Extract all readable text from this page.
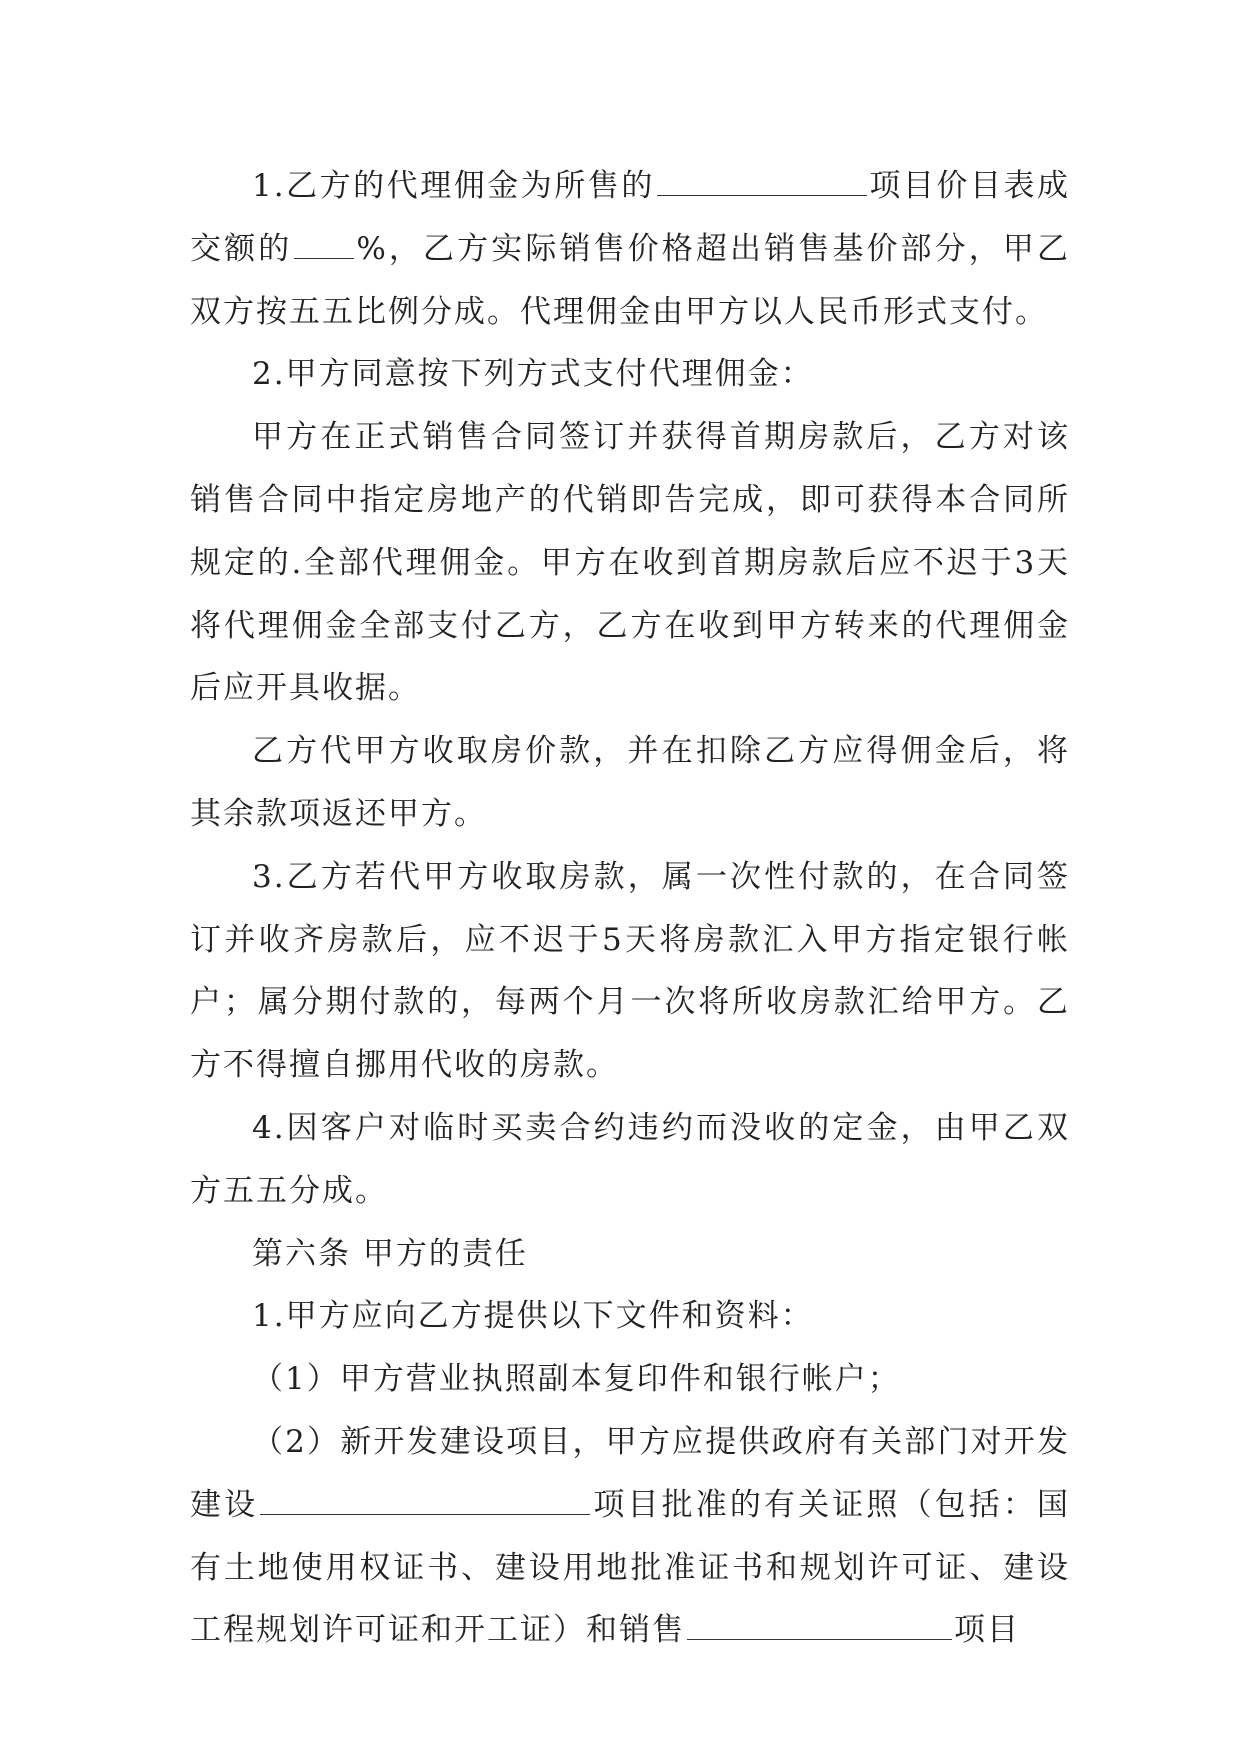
1.乙方的代理佣金为所售的	项目价目表成交额的 %，乙方实际销售价格超出销售基价部分，甲乙双方按五五比例分成。代理佣金由甲方以人民币形式支付。

2.甲方同意按下列方式支付代理佣金：

甲方在正式销售合同签订并获得首期房款后，乙方对该销售合同中指定房地产的代销即告完成，即可获得本合同所规定的.全部代理佣金。甲方在收到首期房款后应不迟于3天将代理佣金全部支付乙方，乙方在收到甲方转来的代理佣金后应开具收据。

乙方代甲方收取房价款，并在扣除乙方应得佣金后，将其余款项返还甲方。

3.乙方若代甲方收取房款，属一次性付款的，在合同签订并收齐房款后，应不迟于5天将房款汇入甲方指定银行帐户；属分期付款的，每两个月一次将所收房款汇给甲方。乙方不得擅自挪用代收的房款。

4.因客户对临时买卖合约违约而没收的定金，由甲乙双方五五分成。

第六条 甲方的责任

1.甲方应向乙方提供以下文件和资料：

（1）甲方营业执照副本复印件和银行帐户；

（2）新开发建设项目，甲方应提供政府有关部门对开发建设	项目批准的有关证照（包括：国有土地使用权证书、建设用地批准证书和规划许可证、建设工程规划许可证和开工证）和销售	项目
